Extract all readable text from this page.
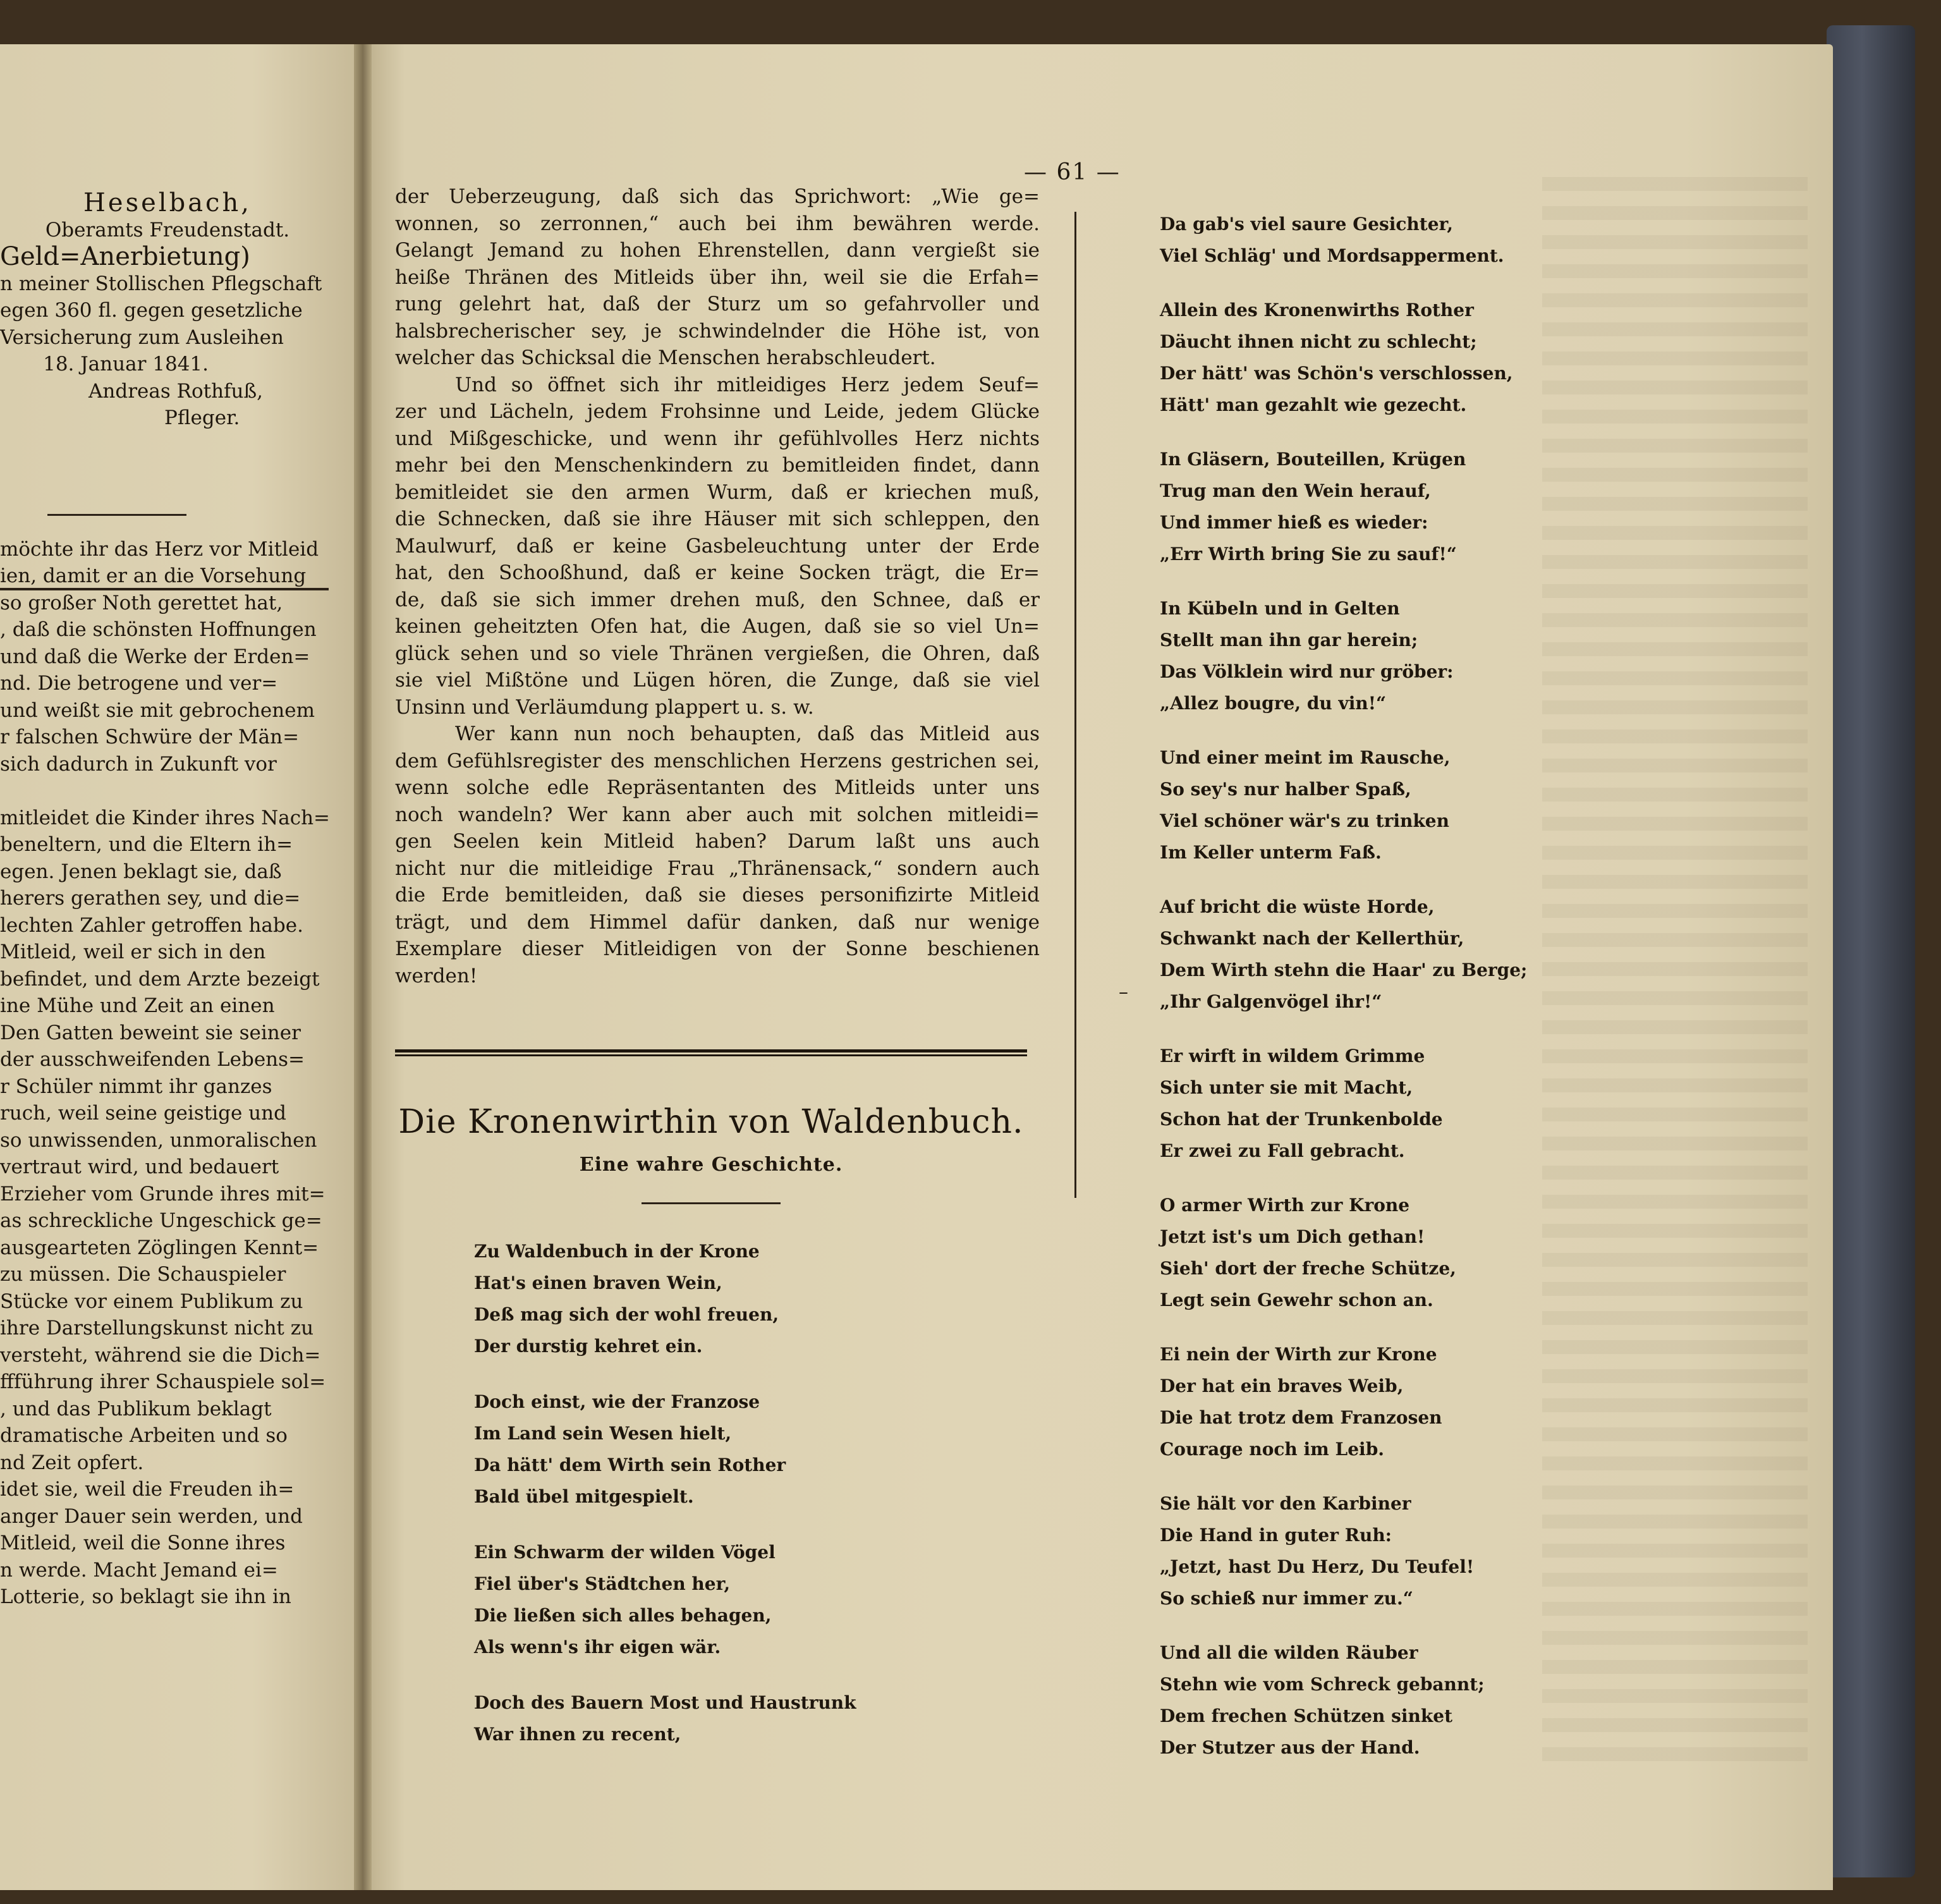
Heselbach,

Oberamts Freudenstadt.

Geld=Anerbietung)

n meiner Stollischen Pflegschaft

egen 360 fl. gegen gesetzliche

Versicherung zum Ausleihen

18. Januar 1841.

Andreas Rothfuß,

Pfleger.

möchte ihr das Herz vor Mitleid

ien, damit er an die Vorsehung

so großer Noth gerettet hat,

, daß die schönsten Hoffnungen

und daß die Werke der Erden=

nd. Die betrogene und ver=

und weißt sie mit gebrochenem

r falschen Schwüre der Män=

sich dadurch in Zukunft vor

mitleidet die Kinder ihres Nach=

beneltern, und die Eltern ih=

egen. Jenen beklagt sie, daß

herers gerathen sey, und die=

lechten Zahler getroffen habe.

Mitleid, weil er sich in den

befindet, und dem Arzte bezeigt

ine Mühe und Zeit an einen

Den Gatten beweint sie seiner

der ausschweifenden Lebens=

r Schüler nimmt ihr ganzes

ruch, weil seine geistige und

so unwissenden, unmoralischen

vertraut wird, und bedauert

Erzieher vom Grunde ihres mit=

as schreckliche Ungeschick ge=

ausgearteten Zöglingen Kennt=

zu müssen. Die Schauspieler

Stücke vor einem Publikum zu

ihre Darstellungskunst nicht zu

versteht, während sie die Dich=

ffführung ihrer Schauspiele sol=

, und das Publikum beklagt

dramatische Arbeiten und so

nd Zeit opfert.

idet sie, weil die Freuden ih=

anger Dauer sein werden, und

Mitleid, weil die Sonne ihres

n werde. Macht Jemand ei=

Lotterie, so beklagt sie ihn in

— 61 —

der Ueberzeugung, daß sich das Sprichwort: „Wie ge=

wonnen, so zerronnen,“ auch bei ihm bewähren werde.

Gelangt Jemand zu hohen Ehrenstellen, dann vergießt sie

heiße Thränen des Mitleids über ihn, weil sie die Erfah=

rung gelehrt hat, daß der Sturz um so gefahrvoller und

halsbrecherischer sey, je schwindelnder die Höhe ist, von

welcher das Schicksal die Menschen herabschleudert.

Und so öffnet sich ihr mitleidiges Herz jedem Seuf=

zer und Lächeln, jedem Frohsinne und Leide, jedem Glücke

und Mißgeschicke, und wenn ihr gefühlvolles Herz nichts

mehr bei den Menschenkindern zu bemitleiden findet, dann

bemitleidet sie den armen Wurm, daß er kriechen muß,

die Schnecken, daß sie ihre Häuser mit sich schleppen, den

Maulwurf, daß er keine Gasbeleuchtung unter der Erde

hat, den Schooßhund, daß er keine Socken trägt, die Er=

de, daß sie sich immer drehen muß, den Schnee, daß er

keinen geheitzten Ofen hat, die Augen, daß sie so viel Un=

glück sehen und so viele Thränen vergießen, die Ohren, daß

sie viel Mißtöne und Lügen hören, die Zunge, daß sie viel

Unsinn und Verläumdung plappert u. s. w.

Wer kann nun noch behaupten, daß das Mitleid aus

dem Gefühlsregister des menschlichen Herzens gestrichen sei,

wenn solche edle Repräsentanten des Mitleids unter uns

noch wandeln? Wer kann aber auch mit solchen mitleidi=

gen Seelen kein Mitleid haben? Darum laßt uns auch

nicht nur die mitleidige Frau „Thränensack,“ sondern auch

die Erde bemitleiden, daß sie dieses personifizirte Mitleid

trägt, und dem Himmel dafür danken, daß nur wenige

Exemplare dieser Mitleidigen von der Sonne beschienen

werden!

Die Kronenwirthin von Waldenbuch.
Eine wahre Geschichte.

Zu Waldenbuch in der Krone

Hat's einen braven Wein,

Deß mag sich der wohl freuen,

Der durstig kehret ein.

Doch einst, wie der Franzose

Im Land sein Wesen hielt,

Da hätt' dem Wirth sein Rother

Bald übel mitgespielt.

Ein Schwarm der wilden Vögel

Fiel über's Städtchen her,

Die ließen sich alles behagen,

Als wenn's ihr eigen wär.

Doch des Bauern Most und Haustrunk

War ihnen zu recent,

Da gab's viel saure Gesichter,

Viel Schläg' und Mordsapperment.

Allein des Kronenwirths Rother

Däucht ihnen nicht zu schlecht;

Der hätt' was Schön's verschlossen,

Hätt' man gezahlt wie gezecht.

In Gläsern, Bouteillen, Krügen

Trug man den Wein herauf,

Und immer hieß es wieder:

„Err Wirth bring Sie zu sauf!“

In Kübeln und in Gelten

Stellt man ihn gar herein;

Das Völklein wird nur gröber:

„Allez bougre, du vin!“

Und einer meint im Rausche,

So sey's nur halber Spaß,

Viel schöner wär's zu trinken

Im Keller unterm Faß.

Auf bricht die wüste Horde,

Schwankt nach der Kellerthür,

Dem Wirth stehn die Haar' zu Berge;

„Ihr Galgenvögel ihr!“

Er wirft in wildem Grimme

Sich unter sie mit Macht,

Schon hat der Trunkenbolde

Er zwei zu Fall gebracht.

O armer Wirth zur Krone

Jetzt ist's um Dich gethan!

Sieh' dort der freche Schütze,

Legt sein Gewehr schon an.

Ei nein der Wirth zur Krone

Der hat ein braves Weib,

Die hat trotz dem Franzosen

Courage noch im Leib.

Sie hält vor den Karbiner

Die Hand in guter Ruh:

„Jetzt, hast Du Herz, Du Teufel!

So schieß nur immer zu.“

Und all die wilden Räuber

Stehn wie vom Schreck gebannt;

Dem frechen Schützen sinket

Der Stutzer aus der Hand.

–
